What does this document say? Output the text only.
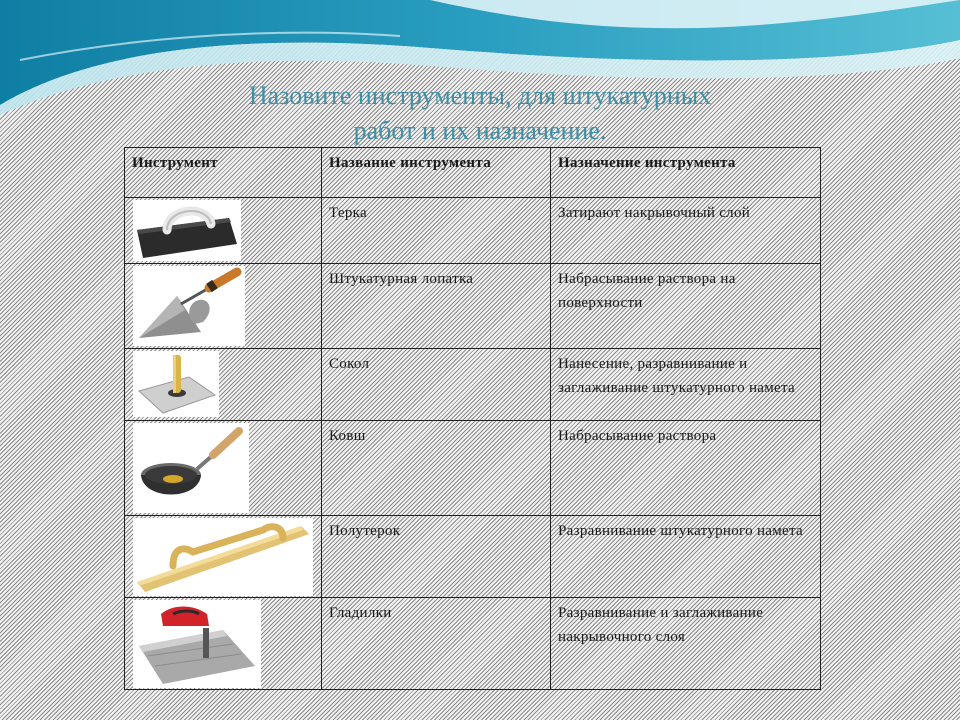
Назовите инструменты, для штукатурных
работ и их назначение.
Инструмент	Название инструмента	Назначение инструмента

	Терка	Затирают накрывочный слой

	Штукатурная лопатка	Набрасывание раствора на поверхности

	Сокол	Нанесение, разравнивание и заглаживание штукатурного намета

	Ковш	Набрасывание раствора

	Полутерок	Разравнивание штукатурного намета

	Гладилки	Разравнивание и заглаживание накрывочного слоя
